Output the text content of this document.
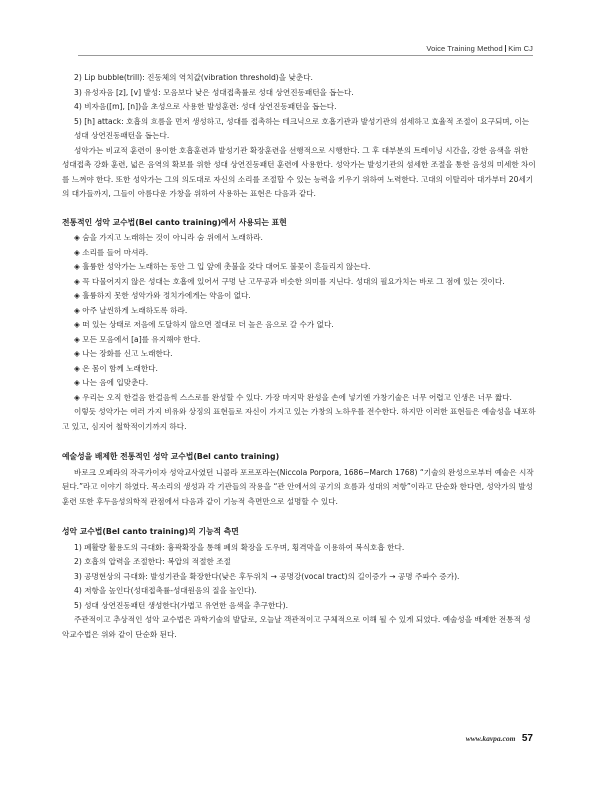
Voice Training Method Kim CJ

2) Lip bubble(trill): 진동체의 역치값(vibration threshold)을 낮춘다.

3) 유성자음 [z], [v] 발성: 모음보다 낮은 성대접촉률로 성대 상연진동패턴을 돕는다.

4) 비자음([m], [n])을 초성으로 사용한 발성훈련: 성대 상연진동패턴을 돕는다.

5) [h] attack: 호흡의 흐름을 먼저 생성하고, 성대를 접촉하는 테크닉으로 호흡기관과 발성기관의 섬세하고 효율적 조절이 요구되며, 이는 성대 상연진동패턴을 돕는다.

성악가는 비교적 훈련이 용이한 호흡훈련과 발성기관 확장훈련을 선행적으로 시행한다. 그 후 대부분의 트레이닝 시간을, 강한 음색을 위한 성대접촉 강화 훈련, 넓은 음역의 확보를 위한 성대 상연진동패턴 훈련에 사용한다. 성악가는 발성기관의 섬세한 조절을 통한 음성의 미세한 차이를 느껴야 한다. 또한 성악가는 그의 의도대로 자신의 소리를 조절할 수 있는 능력을 키우기 위하여 노력한다. 고대의 이탈리아 대가부터 20세기의 대가들까지, 그들이 아름다운 가창을 위하여 사용하는 표현은 다음과 같다.

전통적인 성악 교수법(Bel canto training)에서 사용되는 표현

◈ 숨을 가지고 노래하는 것이 아니라 숨 위에서 노래하라.

◈ 소리를 들어 마셔라.

◈ 훌륭한 성악가는 노래하는 동안 그 입 앞에 촛불을 갖다 대어도 불꽃이 흔들리지 않는다.

◈ 꼭 다물어지지 않은 성대는 호흡에 있어서 구멍 난 고무공과 비슷한 의미를 지닌다. 성대의 필요가치는 바로 그 점에 있는 것이다.

◈ 훌륭하지 못한 성악가와 정치가에게는 약음이 없다.

◈ 아주 날씬하게 노래하도록 하라.

◈ 떠 있는 상태로 저음에 도달하지 않으면 절대로 더 높은 음으로 갈 수가 없다.

◈ 모든 모음에서 [a]를 유지해야 한다.

◈ 나는 장화를 신고 노래한다.

◈ 온 몸이 함께 노래한다.

◈ 나는 음에 입맞춘다.

◈ 우리는 오직 한걸음 한걸음씩 스스로를 완성할 수 있다. 가장 마지막 완성을 손에 넣기엔 가창기술은 너무 어렵고 인생은 너무 짧다.

이렇듯 성악가는 여러 가지 비유와 상징의 표현들로 자신이 가지고 있는 가창의 노하우를 전수한다. 하지만 이러한 표현들은 예술성을 내포하고 있고, 심지어 철학적이기까지 하다.

예술성을 배제한 전통적인 성악 교수법(Bel canto training)

바로크 오페라의 작곡가이자 성악교사였던 니콜라 포르포라는(Niccola Porpora, 1686~March 1768) “기술의 완성으로부터 예술은 시작된다.”라고 이야기 하였다. 목소리의 생성과 각 기관들의 작용을 “관 안에서의 공기의 흐름과 성대의 저항”이라고 단순화 한다면, 성악가의 발성훈련 또한 후두음성의학적 관점에서 다음과 같이 기능적 측면만으로 설명할 수 있다.

성악 교수법(Bel canto training)의 기능적 측면

1) 폐활량 활용도의 극대화: 흉곽확장을 통해 폐의 확장을 도우며, 횡격막을 이용하여 복식호흡 한다.

2) 호흡의 압력을 조절한다: 복압의 적절한 조절

3) 공명현상의 극대화: 발성기관을 확장한다(낮은 후두위치 → 공명강(vocal tract)의 길이증가 → 공명 주파수 증가).

4) 저항을 높인다(성대접촉률-성대원음의 질을 높인다).

5) 성대 상연진동패턴 생성한다(가볍고 유연한 음색을 추구한다).

주관적이고 추상적인 성악 교수법은 과학기술의 발달로, 오늘날 객관적이고 구체적으로 이해 될 수 있게 되었다. 예술성을 배제한 전통적 성악교수법은 위와 같이 단순화 된다.

www.kavpa.com 57
